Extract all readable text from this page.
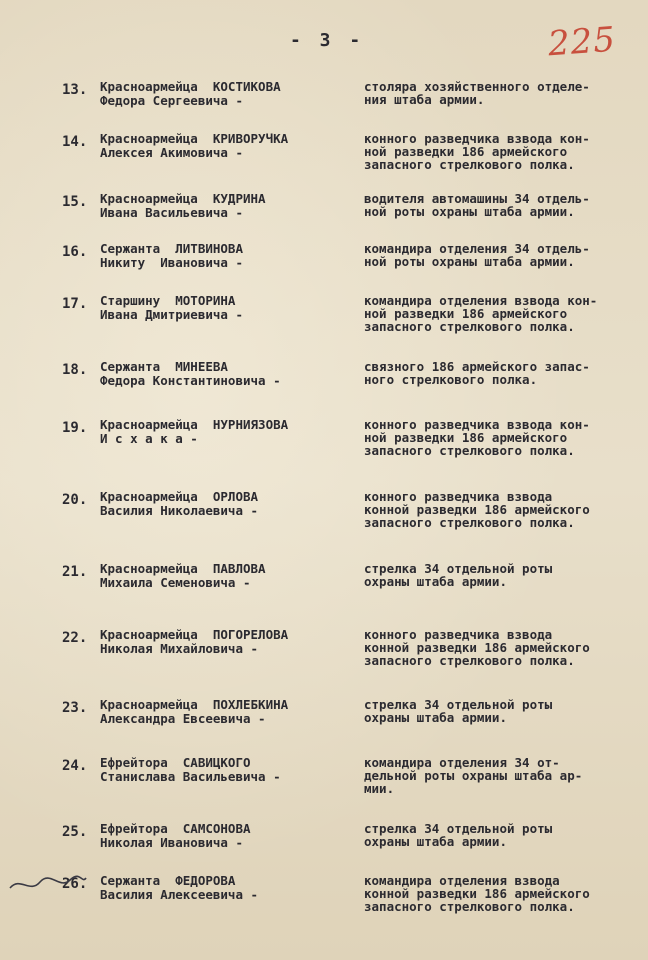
- 3 -	225
13. Красноармейца  КОСТИКОВА
Федора Сергеевича -
столяра хозяйственного отделе-
ния штаба армии.
14. Красноармейца  КРИВОРУЧКА
Алексея Акимовича -
конного разведчика взвода кон-
ной разведки 186 армейского
запасного стрелкового полка.
15. Красноармейца  КУДРИНА
Ивана Васильевича -
водителя автомашины 34 отдель-
ной роты охраны штаба армии.
16. Сержанта  ЛИТВИНОВА
Никиту  Ивановича -
командира отделения 34 отдель-
ной роты охраны штаба армии.
17. Старшину  МОТОРИНА
Ивана Дмитриевича -
командира отделения взвода кон-
ной разведки 186 армейского
запасного стрелкового полка.
18. Сержанта  МИНЕЕВА
Федора Константиновича -
связного 186 армейского запас-
ного стрелкового полка.
19. Красноармейца  НУРНИЯЗОВА
И с х а к а -
конного разведчика взвода кон-
ной разведки 186 армейского
запасного стрелкового полка.
20. Красноармейца  ОРЛОВА
Василия Николаевича -
конного разведчика взвода
конной разведки 186 армейского
запасного стрелкового полка.
21. Красноармейца  ПАВЛОВА
Михаила Семеновича -
стрелка 34 отдельной роты
охраны штаба армии.
22. Красноармейца  ПОГОРЕЛОВА
Николая Михайловича -
конного разведчика взвода
конной разведки 186 армейского
запасного стрелкового полка.
23. Красноармейца  ПОХЛЕБКИНА
Александра Евсеевича -
стрелка 34 отдельной роты
охраны штаба армии.
24. Ефрейтора  САВИЦКОГО
Станислава Васильевича -
командира отделения 34 от-
дельной роты охраны штаба ар-
мии.
25. Ефрейтора  САМСОНОВА
Николая Ивановича -
стрелка 34 отдельной роты
охраны штаба армии.
26. Сержанта  ФЕДОРОВА
Василия Алексеевича -
командира отделения взвода
конной разведки 186 армейского
запасного стрелкового полка.
